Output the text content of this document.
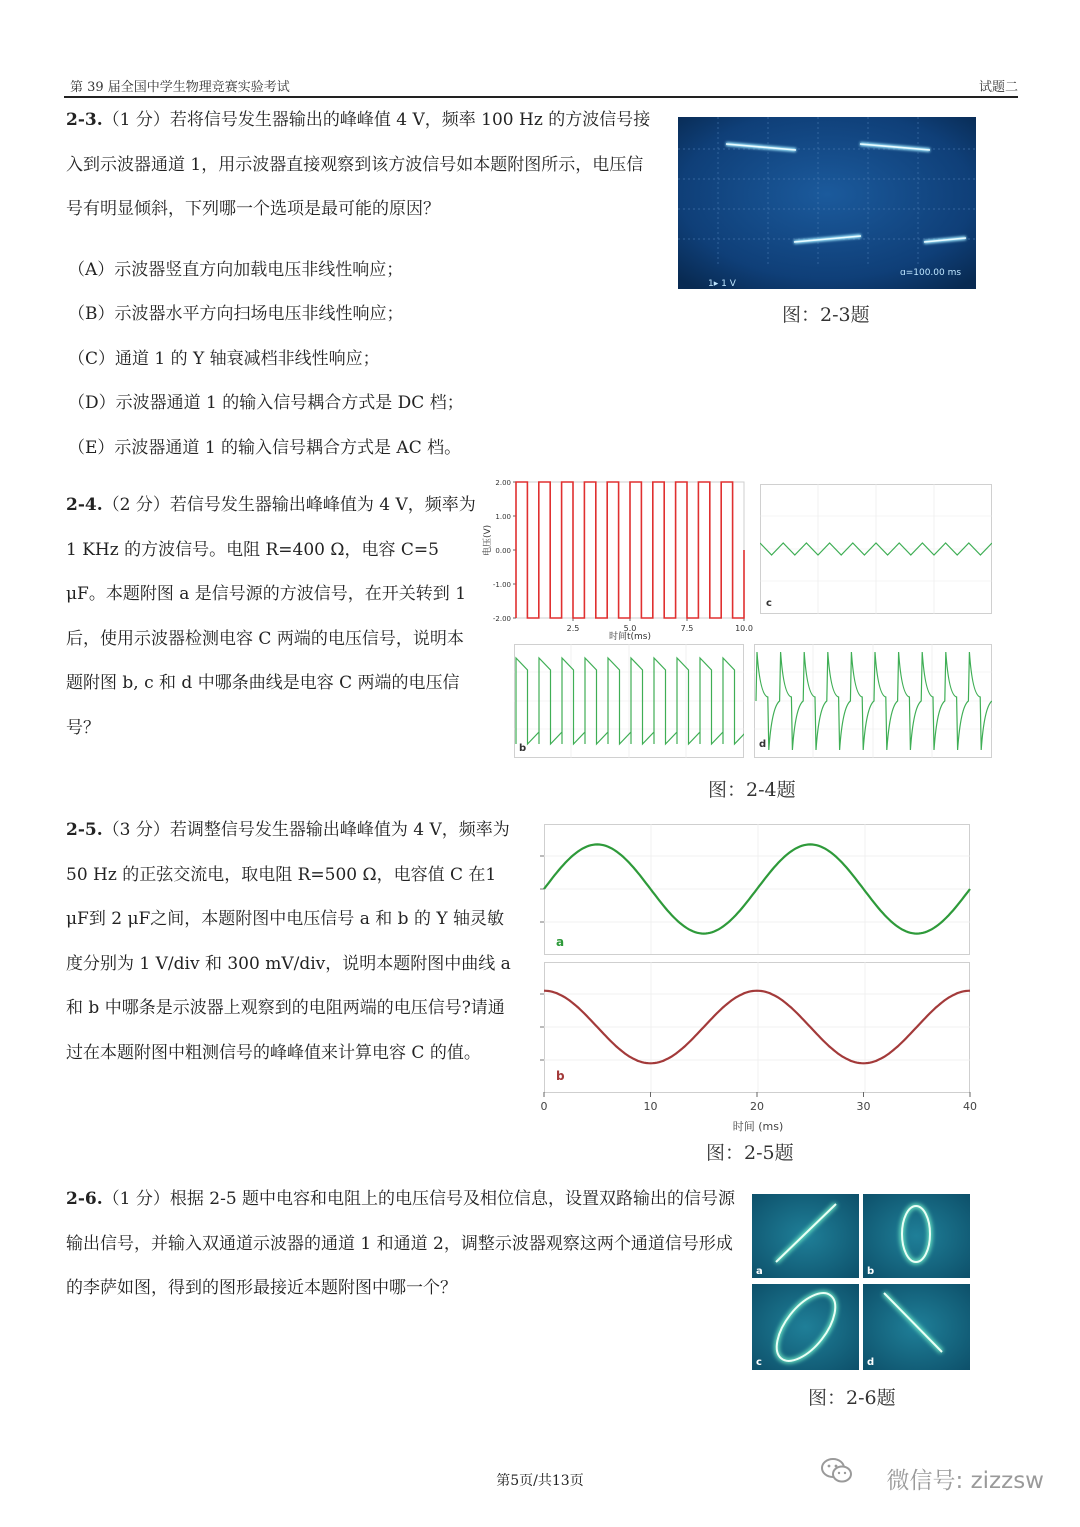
第 39 届全国中学生物理竞赛实验考试	试题二
2-3.（1 分）若将信号发生器输出的峰峰值 4 V，频率 100 Hz 的方波信号接入到示波器通道 1，用示波器直接观察到该方波信号如本题附图所示，电压信号有明显倾斜，下列哪一个选项是最可能的原因？
（A）示波器竖直方向加载电压非线性响应；
（B）示波器水平方向扫场电压非线性响应；
（C）通道 1 的 Y 轴衰减档非线性响应；
（D）示波器通道 1 的输入信号耦合方式是 DC 档；
（E）示波器通道 1 的输入信号耦合方式是 AC 档。
1▸ 1 V
ɑ=100.00 ms
图：2-3题
2-4.（2 分）若信号发生器输出峰峰值为 4 V，频率为 1 KHz 的方波信号。电阻 R=400 Ω，电容 C=5 μF。本题附图 a 是信号源的方波信号，在开关转到 1 后，使用示波器检测电容 C 两端的电压信号，说明本题附图 b, c 和 d 中哪条曲线是电容 C 两端的电压信号？
2.00
1.00
0.00
-1.00
-2.00
2.5	5.0	7.5	10.0
电压(V)
时间t(ms)
c
b	d
图：2-4题
2-5.（3 分）若调整信号发生器输出峰峰值为 4 V，频率为 50 Hz 的正弦交流电，取电阻 R=500 Ω，电容值 C 在1 μF到 2 μF之间，本题附图中电压信号 a 和 b 的 Y 轴灵敏度分别为 1 V/div 和 300 mV/div，说明本题附图中曲线 a 和 b 中哪条是示波器上观察到的电阻两端的电压信号?请通过在本题附图中粗测信号的峰峰值来计算电容 C 的值。
a
b
0	10	20	30	40
时间 (ms)
图：2-5题
2-6.（1 分）根据 2-5 题中电容和电阻上的电压信号及相位信息，设置双路输出的信号源输出信号，并输入双通道示波器的通道 1 和通道 2，调整示波器观察这两个通道信号形成的李萨如图，得到的图形最接近本题附图中哪一个？
a	b
c	d
图：2-6题
第5页/共13页	微信号: zizzsw
